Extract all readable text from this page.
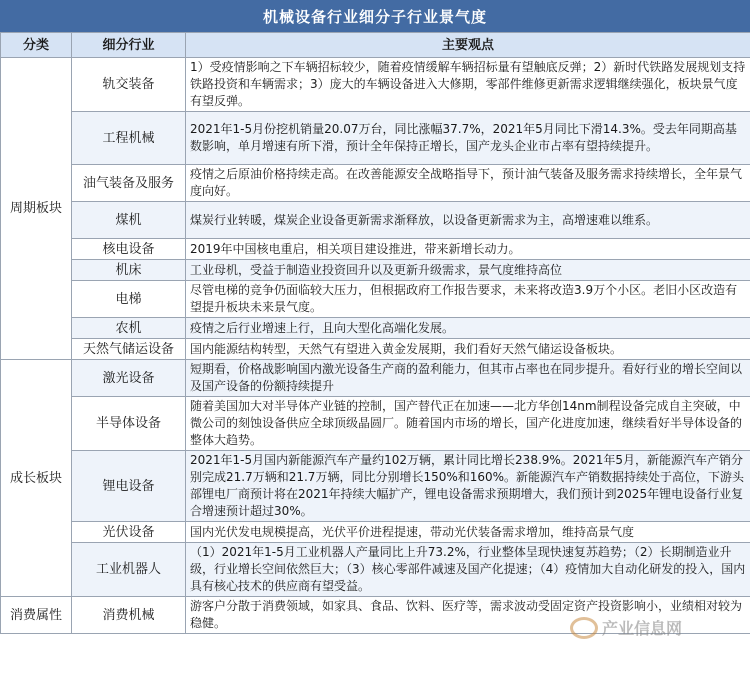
机械设备行业细分子行业景气度
分类	细分行业	主要观点
周期板块	轨交装备	1）受疫情影响之下车辆招标较少，随着疫情缓解车辆招标量有望触底反弹；2）新时代铁路发展规划支持铁路投资和车辆需求；3）庞大的车辆设备进入大修期，零部件维修更新需求逻辑继续强化，板块景气度有望反弹。
	工程机械	2021年1-5月份挖机销量20.07万台，同比涨幅37.7%，2021年5月同比下滑14.3%。受去年同期高基数影响，单月增速有所下滑，预计全年保持正增长，国产龙头企业市占率有望持续提升。
	油气装备及服务	疫情之后原油价格持续走高。在改善能源安全战略指导下，预计油气装备及服务需求持续增长，全年景气度向好。
	煤机	煤炭行业转暖，煤炭企业设备更新需求渐释放，以设备更新需求为主，高增速难以维系。
	核电设备	2019年中国核电重启，相关项目建设推进，带来新增长动力。
	机床	工业母机，受益于制造业投资回升以及更新升级需求，景气度维持高位
	电梯	尽管电梯的竞争仍面临较大压力，但根据政府工作报告要求，未来将改造3.9万个小区。老旧小区改造有望提升板块未来景气度。
	农机	疫情之后行业增速上行，且向大型化高端化发展。
	天然气储运设备	国内能源结构转型，天然气有望进入黄金发展期，我们看好天然气储运设备板块。
成长板块	激光设备	短期看，价格战影响国内激光设备生产商的盈利能力，但其市占率也在同步提升。看好行业的增长空间以及国产设备的份额持续提升
	半导体设备	随着美国加大对半导体产业链的控制，国产替代正在加速——北方华创14nm制程设备完成自主突破，中微公司的刻蚀设备供应全球顶级晶圆厂。随着国内市场的增长，国产化进度加速，继续看好半导体设备的整体大趋势。
	锂电设备	2021年1-5月国内新能源汽车产量约102万辆，累计同比增长238.9%。2021年5月，新能源汽车产销分别完成21.7万辆和21.7万辆，同比分别增长150%和160%。新能源汽车产销数据持续处于高位，下游头部锂电厂商预计将在2021年持续大幅扩产，锂电设备需求预期增大，我们预计到2025年锂电设备行业复合增速预计超过30%。
	光伏设备	国内光伏发电规模提高，光伏平价进程提速，带动光伏装备需求增加，维持高景气度
	工业机器人	（1）2021年1-5月工业机器人产量同比上升73.2%，行业整体呈现快速复苏趋势；（2）长期制造业升级，行业增长空间依然巨大；（3）核心零部件减速及国产化提速；（4）疫情加大自动化研发的投入，国内具有核心技术的供应商有望受益。
消费属性	消费机械	游客户分散于消费领域，如家具、食品、饮料、医疗等，需求波动受固定资产投资影响小，业绩相对较为稳健。	产业信息网
